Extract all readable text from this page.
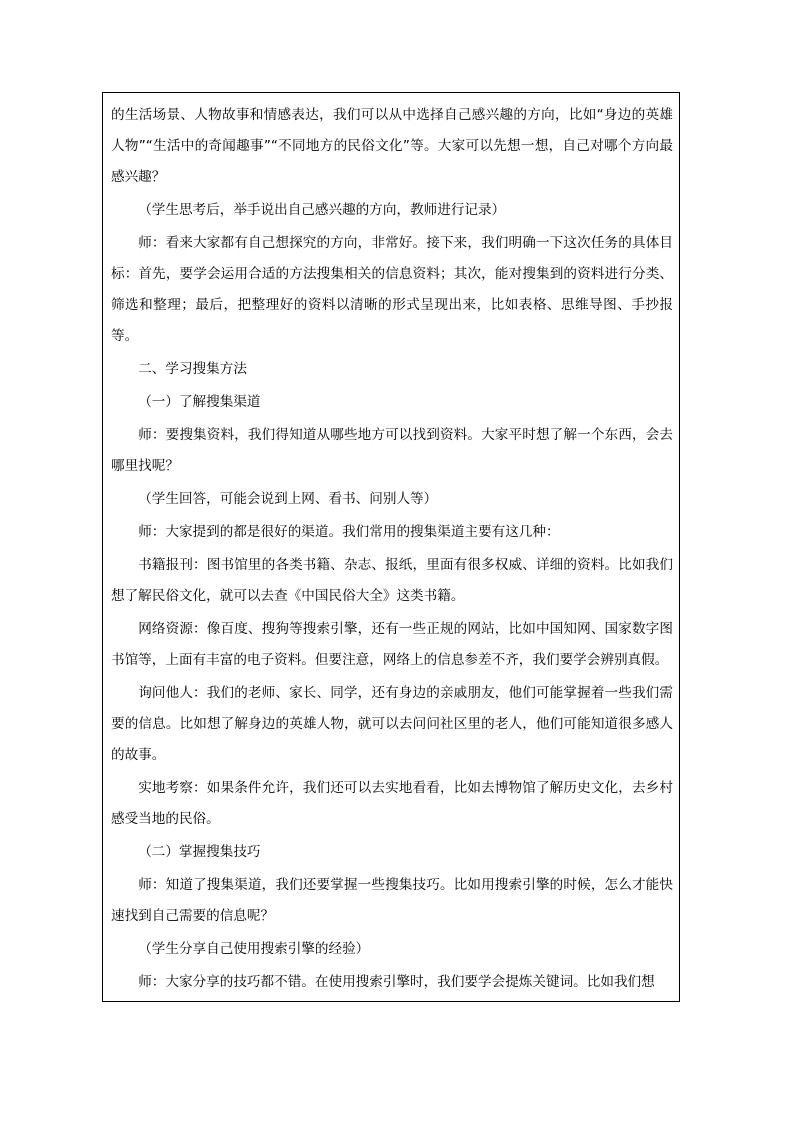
的生活场景、人物故事和情感表达，我们可以从中选择自己感兴趣的方向，比如“身边的英雄人物”“生活中的奇闻趣事”“不同地方的民俗文化”等。大家可以先想一想，自己对哪个方向最感兴趣？

（学生思考后，举手说出自己感兴趣的方向，教师进行记录）

师：看来大家都有自己想探究的方向，非常好。接下来，我们明确一下这次任务的具体目标：首先，要学会运用合适的方法搜集相关的信息资料；其次，能对搜集到的资料进行分类、筛选和整理；最后，把整理好的资料以清晰的形式呈现出来，比如表格、思维导图、手抄报等。

二、学习搜集方法

（一）了解搜集渠道

师：要搜集资料，我们得知道从哪些地方可以找到资料。大家平时想了解一个东西，会去哪里找呢？

（学生回答，可能会说到上网、看书、问别人等）

师：大家提到的都是很好的渠道。我们常用的搜集渠道主要有这几种：

书籍报刊：图书馆里的各类书籍、杂志、报纸，里面有很多权威、详细的资料。比如我们想了解民俗文化，就可以去查《中国民俗大全》这类书籍。

网络资源：像百度、搜狗等搜索引擎，还有一些正规的网站，比如中国知网、国家数字图书馆等，上面有丰富的电子资料。但要注意，网络上的信息参差不齐，我们要学会辨别真假。

询问他人：我们的老师、家长、同学，还有身边的亲戚朋友，他们可能掌握着一些我们需要的信息。比如想了解身边的英雄人物，就可以去问问社区里的老人，他们可能知道很多感人的故事。

实地考察：如果条件允许，我们还可以去实地看看，比如去博物馆了解历史文化，去乡村感受当地的民俗。

（二）掌握搜集技巧

师：知道了搜集渠道，我们还要掌握一些搜集技巧。比如用搜索引擎的时候，怎么才能快速找到自己需要的信息呢？

（学生分享自己使用搜索引擎的经验）

师：大家分享的技巧都不错。在使用搜索引擎时，我们要学会提炼关键词。比如我们想
